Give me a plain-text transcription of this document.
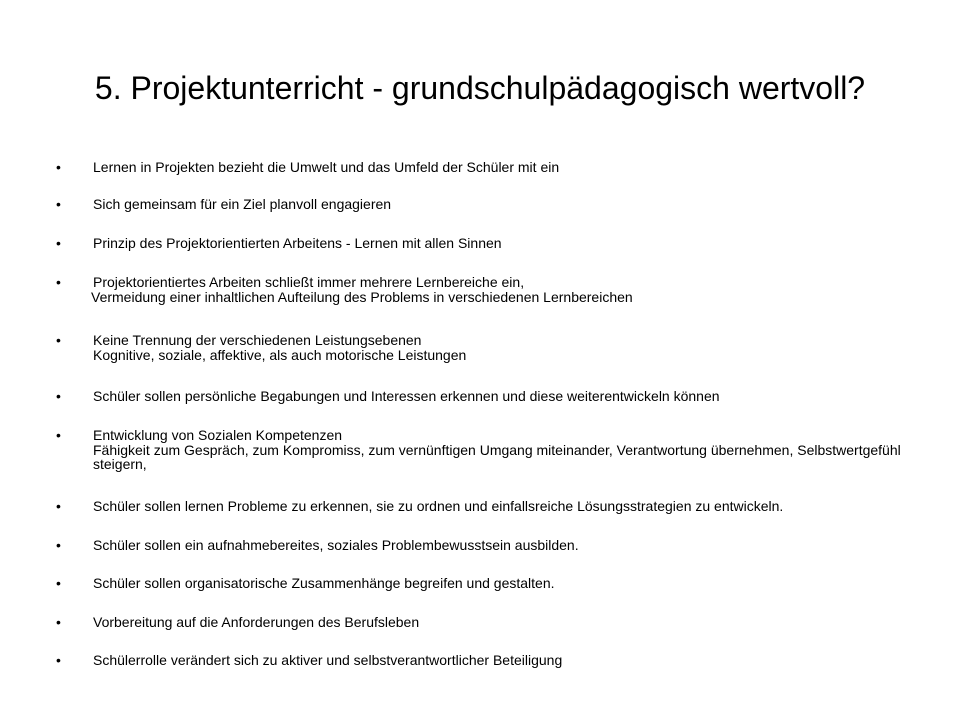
5. Projektunterricht - grundschulpädagogisch wertvoll?
• Lernen in Projekten bezieht die Umwelt und das Umfeld der Schüler mit ein
• Sich gemeinsam für ein Ziel planvoll engagieren
• Prinzip des Projektorientierten Arbeitens - Lernen mit allen Sinnen
• Projektorientiertes Arbeiten schließt immer mehrere Lernbereiche ein,
Vermeidung einer inhaltlichen Aufteilung des Problems in verschiedenen Lernbereichen
• Keine Trennung der verschiedenen Leistungsebenen
Kognitive, soziale, affektive, als auch motorische Leistungen
• Schüler sollen persönliche Begabungen und Interessen erkennen und diese weiterentwickeln können
• Entwicklung von Sozialen Kompetenzen
Fähigkeit zum Gespräch, zum Kompromiss, zum vernünftigen Umgang miteinander, Verantwortung übernehmen, Selbstwertgefühl steigern,
• Schüler sollen lernen Probleme zu erkennen, sie zu ordnen und einfallsreiche Lösungsstrategien zu entwickeln.
• Schüler sollen ein aufnahmebereites, soziales Problembewusstsein ausbilden.
• Schüler sollen organisatorische Zusammenhänge begreifen und gestalten.
• Vorbereitung auf die Anforderungen des Berufsleben
• Schülerrolle verändert sich zu aktiver und selbstverantwortlicher Beteiligung
